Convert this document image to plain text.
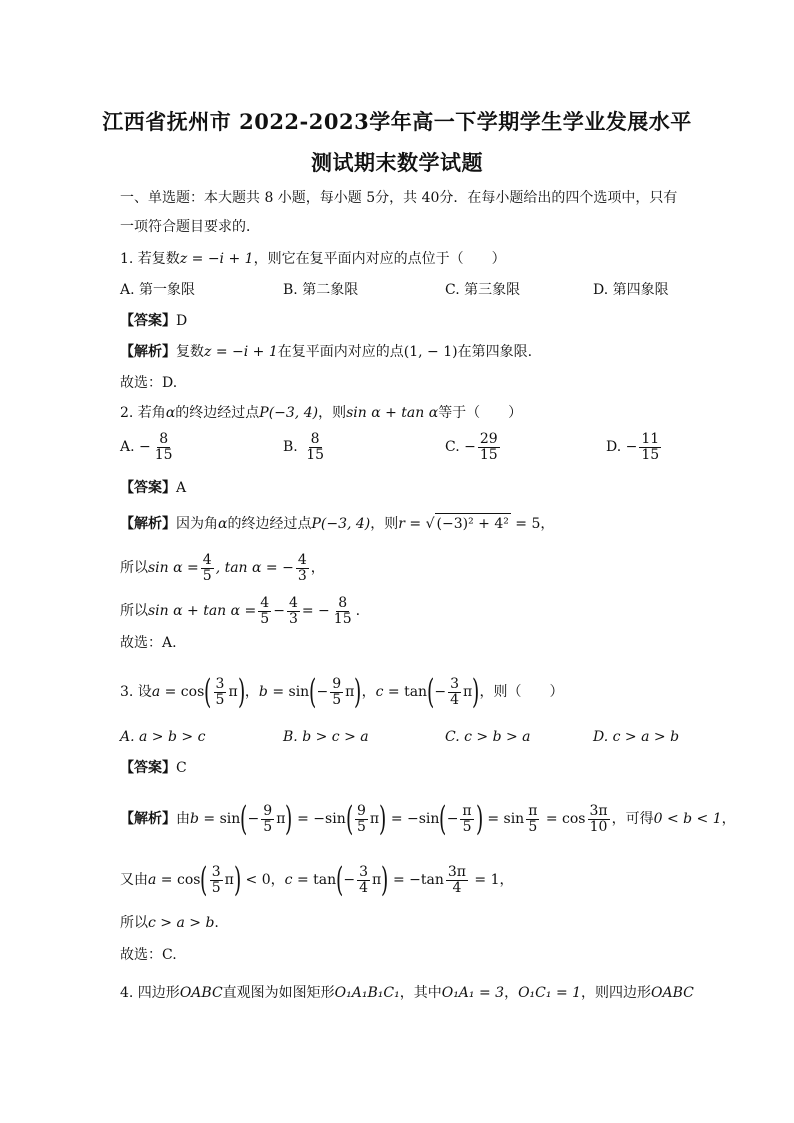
江西省抚州市 2022-2023学年高一下学期学生学业发展水平
测试期末数学试题
一、单选题：本大题共 8 小题，每小题 5分，共 40分．在每小题给出的四个选项中，只有
一项符合题目要求的．
1. 若复数z = −i + 1，则它在复平面内对应的点位于（　　）
A. 第一象限	B. 第二象限	C. 第三象限	D. 第四象限
【答案】D
【解析】复数z = −i + 1在复平面内对应的点(1, − 1)在第四象限.
故选：D.
2. 若角α的终边经过点P(−3, 4)，则sin α + tan α等于（　　）
A. − $\frac{8}{15}$	B. $\frac{8}{15}$	C. − $\frac{29}{15}$	D. − $\frac{11}{15}$
【答案】A
【解析】因为角α的终边经过点P(−3, 4)，则r = √ (−3)² + 4² = 5，
所以$\sin \alpha = \frac{4}{5}$ , tan α = − $\frac{4}{3}$ ，
所以$\sin \alpha + \tan \alpha = \frac{4}{5} - \frac{4}{3}$ = − $\frac{8}{15}$ .
故选：A.
3. 设$a = \cos( \frac{3}{5} \pi)$，$b = \sin(- \frac{9}{5} \pi)$，$c = \tan(- \frac{3}{4} \pi)$，则（　　）
A. a > b > c	B. b > c > a	C. c > b > a	D. c > a > b
【答案】C
【解析】由$b = \sin(- \frac{9}{5} \pi) = -\sin( \frac{9}{5} \pi) = -\sin(- \frac{\pi}{5}$ ) = $\sin \frac{\pi}{5} = \cos \frac{3\pi}{10}$ ，可得0 < b < 1，
又由$a = \cos( \frac{3}{5} \pi) < 0$，$c = \tan(- \frac{3}{4} \pi) = -\tan \frac{3\pi}{4} = 1$，
所以c > a > b.
故选：C.
4. 四边形OABC直观图为如图矩形O₁A₁B₁C₁，其中O₁A₁ = 3，O₁C₁ = 1，则四边形OABC
